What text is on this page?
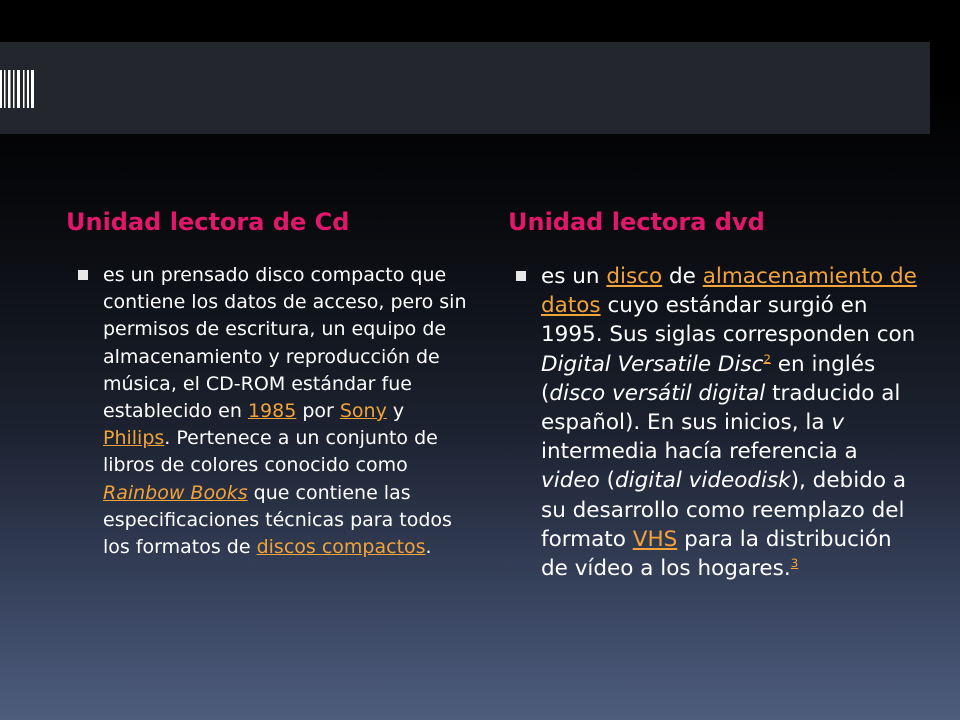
Unidad lectora de Cd	Unidad lectora dvd
es un prensado disco compacto que contiene los datos de acceso, pero sin permisos de escritura, un equipo de almacenamiento y reproducción de música, el CD-ROM estándar fue establecido en 1985 por Sony y Philips. Pertenece a un conjunto de libros de colores conocido como Rainbow Books que contiene las especificaciones técnicas para todos los formatos de discos compactos.
es un disco de almacenamiento de datos cuyo estándar surgió en 1995. Sus siglas corresponden con Digital Versatile Disc$^2$ en inglés (disco versátil digital traducido al español). En sus inicios, la v intermedia hacía referencia a video (digital videodisk), debido a su desarrollo como reemplazo del formato VHS para la distribución de vídeo a los hogares.$^3$
